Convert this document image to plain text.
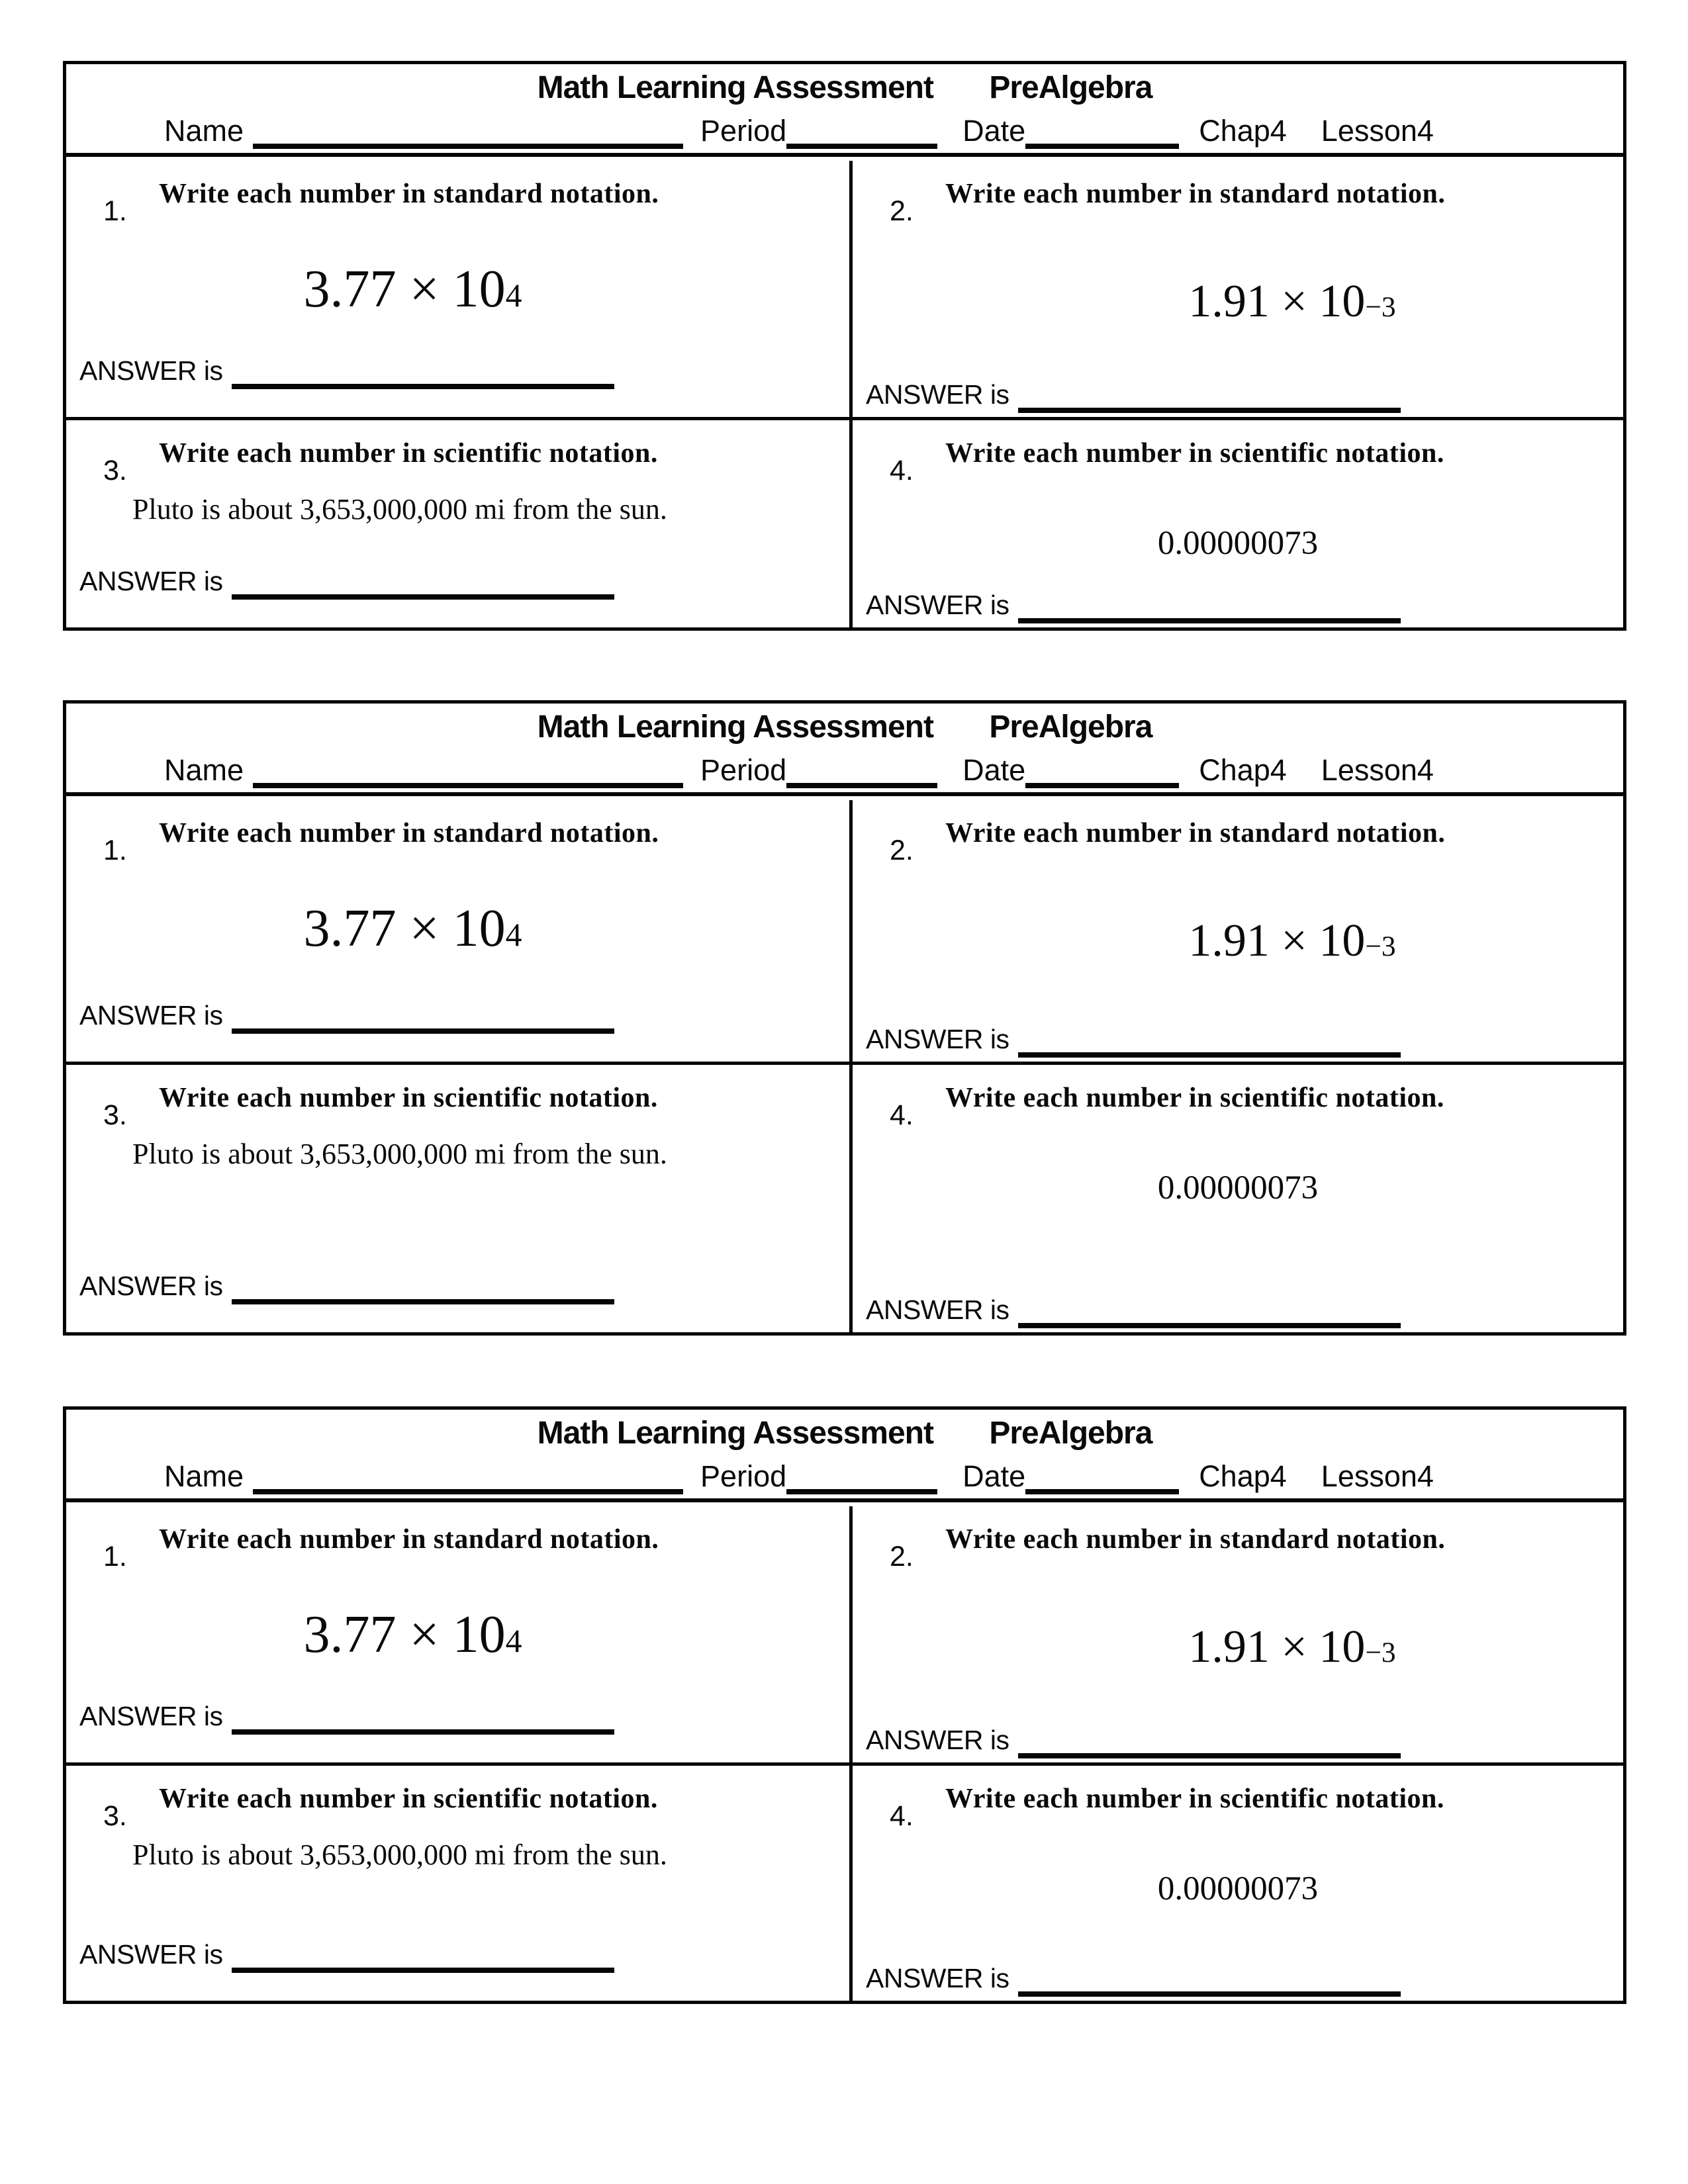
Math Learning Assessment PreAlgebra
Name	Period	Date	Chap4 Lesson4
1.
Write each number in standard notation.
$3.77 \times 10^4$
ANSWER is
2.
Write each number in standard notation.
$1.91 \times 10^{-3}$
ANSWER is
3.
Write each number in scientific notation.
Pluto is about 3,653,000,000 mi from the sun.
ANSWER is
4.
Write each number in scientific notation.
0.00000073
ANSWER is
Math Learning Assessment PreAlgebra
Name	Period	Date	Chap4 Lesson4
1.
Write each number in standard notation.
$3.77 \times 10^4$
ANSWER is
2.
Write each number in standard notation.
$1.91 \times 10^{-3}$
ANSWER is
3.
Write each number in scientific notation.
Pluto is about 3,653,000,000 mi from the sun.
ANSWER is
4.
Write each number in scientific notation.
0.00000073
ANSWER is
Math Learning Assessment PreAlgebra
Name	Period	Date	Chap4 Lesson4
1.
Write each number in standard notation.
$3.77 \times 10^4$
ANSWER is
2.
Write each number in standard notation.
$1.91 \times 10^{-3}$
ANSWER is
3.
Write each number in scientific notation.
Pluto is about 3,653,000,000 mi from the sun.
ANSWER is
4.
Write each number in scientific notation.
0.00000073
ANSWER is
